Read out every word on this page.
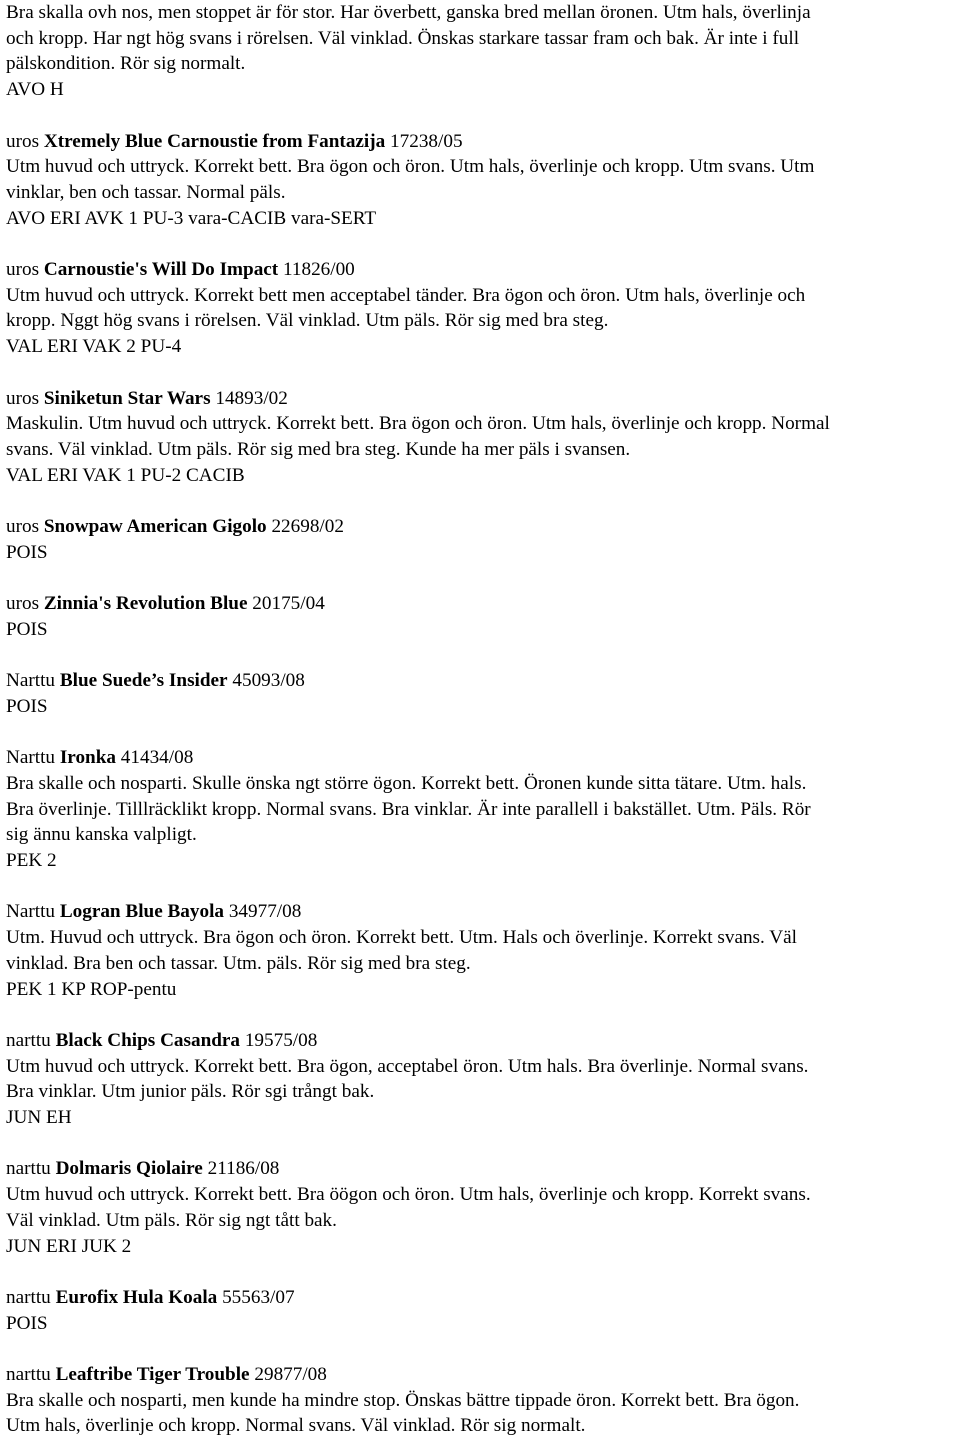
Bra skalla ovh nos, men stoppet är för stor. Har överbett, ganska bred mellan öronen. Utm hals, överlinja
och kropp. Har ngt hög svans i rörelsen. Väl vinklad. Önskas starkare tassar fram och bak. Är inte i full
pälskondition. Rör sig normalt.

AVO H

uros Xtremely Blue Carnoustie from Fantazija 17238/05

Utm huvud och uttryck. Korrekt bett. Bra ögon och öron. Utm hals, överlinje och kropp. Utm svans. Utm
vinklar, ben och tassar. Normal päls.

AVO ERI AVK 1 PU-3 vara-CACIB vara-SERT

uros Carnoustie's Will Do Impact 11826/00

Utm huvud och uttryck. Korrekt bett men acceptabel tänder. Bra ögon och öron. Utm hals, överlinje och
kropp. Nggt hög svans i rörelsen. Väl vinklad. Utm päls. Rör sig med bra steg.

VAL ERI VAK 2 PU-4

uros Siniketun Star Wars 14893/02

Maskulin. Utm huvud och uttryck. Korrekt bett. Bra ögon och öron. Utm hals, överlinje och kropp. Normal
svans. Väl vinklad. Utm päls. Rör sig med bra steg. Kunde ha mer päls i svansen.

VAL ERI VAK 1 PU-2 CACIB

uros Snowpaw American Gigolo 22698/02

POIS

uros Zinnia's Revolution Blue 20175/04

POIS

Narttu Blue Suede’s Insider 45093/08

POIS

Narttu Ironka 41434/08

Bra skalle och nosparti. Skulle önska ngt större ögon. Korrekt bett. Öronen kunde sitta tätare. Utm. hals.
Bra överlinje. Tilllräcklikt kropp. Normal svans. Bra vinklar. Är inte parallell i bakstället. Utm. Päls. Rör
sig ännu kanska valpligt.

PEK 2

Narttu Logran Blue Bayola 34977/08

Utm. Huvud och uttryck. Bra ögon och öron. Korrekt bett. Utm. Hals och överlinje. Korrekt svans. Väl
vinklad. Bra ben och tassar. Utm. päls. Rör sig med bra steg.

PEK 1 KP ROP-pentu

narttu Black Chips Casandra 19575/08

Utm huvud och uttryck. Korrekt bett. Bra ögon, acceptabel öron. Utm hals. Bra överlinje. Normal svans.
Bra vinklar. Utm junior päls. Rör sgi trångt bak.

JUN EH

narttu Dolmaris Qiolaire 21186/08

Utm huvud och uttryck. Korrekt bett. Bra öögon och öron. Utm hals, överlinje och kropp. Korrekt svans.
Väl vinklad. Utm päls. Rör sig ngt tått bak.

JUN ERI JUK 2

narttu Eurofix Hula Koala 55563/07

POIS

narttu Leaftribe Tiger Trouble 29877/08

Bra skalle och nosparti, men kunde ha mindre stop. Önskas bättre tippade öron. Korrekt bett. Bra ögon.
Utm hals, överlinje och kropp. Normal svans. Väl vinklad. Rör sig normalt.
